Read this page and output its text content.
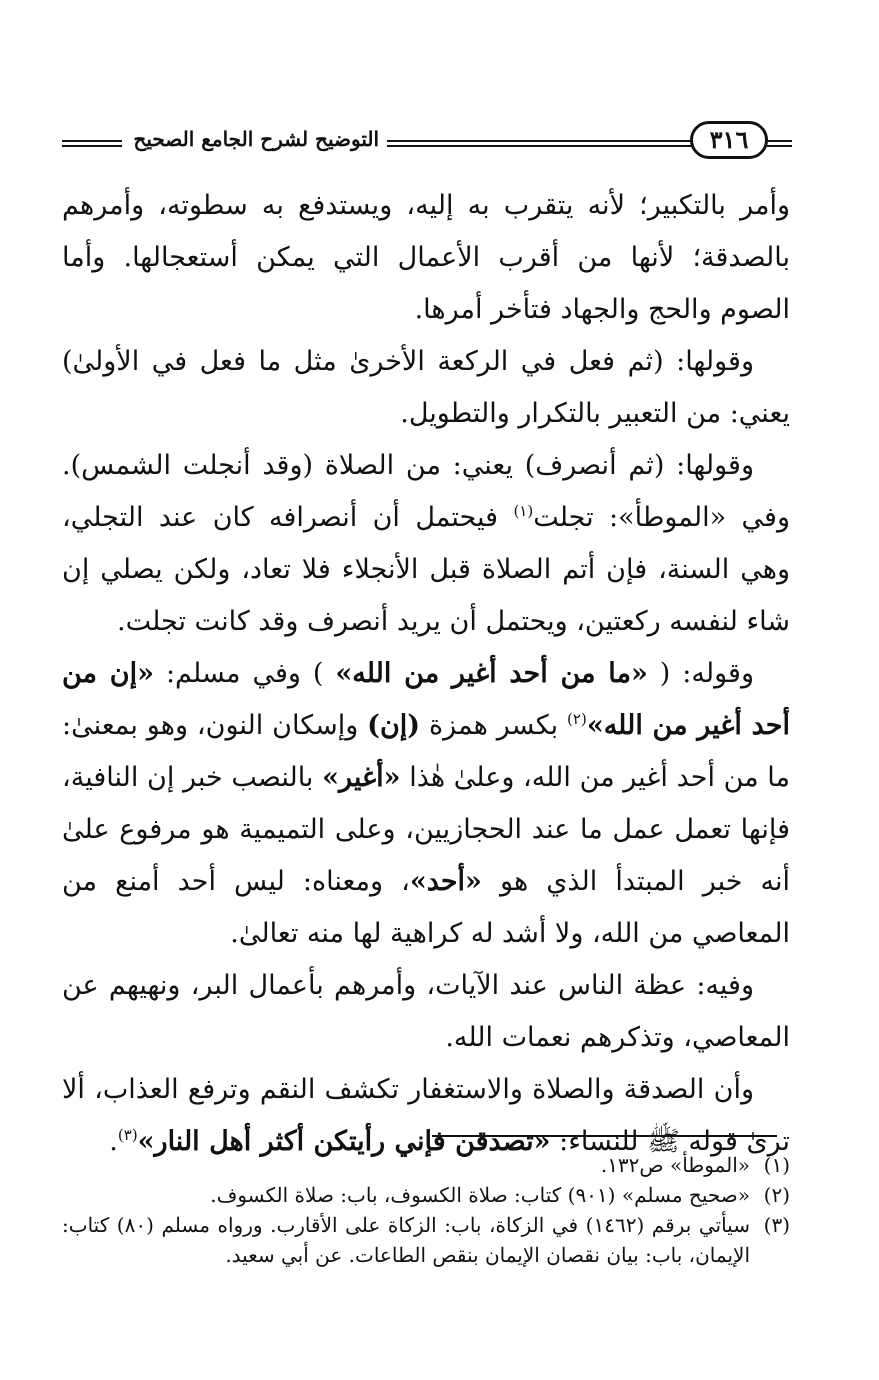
التوضيح لشرح الجامع الصحيح	٣١٦

وأمر بالتكبير؛ لأنه يتقرب به إليه، ويستدفع به سطوته، وأمرهم بالصدقة؛ لأنها من أقرب الأعمال التي يمكن أستعجالها. وأما الصوم والحج والجهاد فتأخر أمرها.

وقولها: (ثم فعل في الركعة الأخرىٰ مثل ما فعل في الأولىٰ) يعني: من التعبير بالتكرار والتطويل.

وقولها: (ثم أنصرف) يعني: من الصلاة (وقد أنجلت الشمس). وفي «الموطأ»: تجلت$^{(١)}$ فيحتمل أن أنصرافه كان عند التجلي، وهي السنة، فإن أتم الصلاة قبل الأنجلاء فلا تعاد، ولكن يصلي إن شاء لنفسه ركعتين، ويحتمل أن يريد أنصرف وقد كانت تجلت.

وقوله: ( «ما من أحد أغير من الله» ) وفي مسلم: «إن من أحد أغير من الله»$^{(٢)}$ بكسر همزة (إن) وإسكان النون، وهو بمعنىٰ: ما من أحد أغير من الله، وعلىٰ هٰذا «أغير» بالنصب خبر إن النافية، فإنها تعمل عمل ما عند الحجازيين، وعلى التميمية هو مرفوع علىٰ أنه خبر المبتدأ الذي هو «أحد»، ومعناه: ليس أحد أمنع من المعاصي من الله، ولا أشد له كراهية لها منه تعالىٰ.

وفيه: عظة الناس عند الآيات، وأمرهم بأعمال البر، ونهيهم عن المعاصي، وتذكرهم نعمات الله.

وأن الصدقة والصلاة والاستغفار تكشف النقم وترفع العذاب، ألا ترىٰ قوله ﷺ للنساء: «تصدقن فإني رأيتكن أكثر أهل النار»$^{(٣)}$.

(١)
«الموطأ» ص١٣٢.
(٢)
«صحيح مسلم» (٩٠١) كتاب: صلاة الكسوف، باب: صلاة الكسوف.
(٣)
سيأتي برقم (١٤٦٢) في الزكاة، باب: الزكاة على الأقارب. ورواه مسلم (٨٠) كتاب: الإيمان، باب: بيان نقصان الإيمان بنقص الطاعات. عن أبي سعيد.
